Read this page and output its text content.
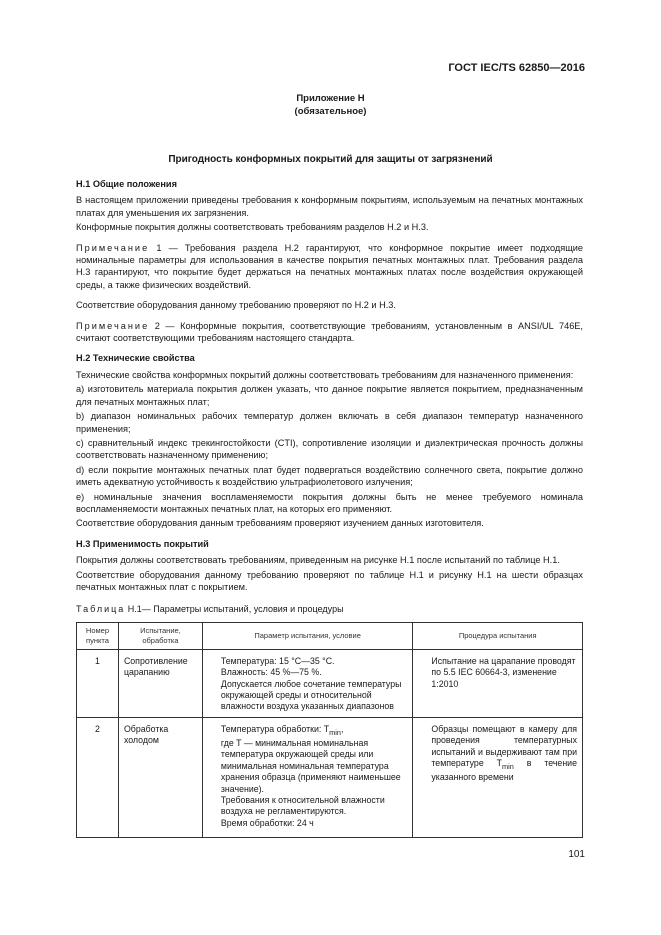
ГОСТ IEC/TS 62850—2016
Приложение Н
(обязательное)
Пригодность конформных покрытий для защиты от загрязнений
Н.1 Общие положения

В настоящем приложении приведены требования к конформным покрытиям, используемым на печатных монтажных платах для уменьшения их загрязнения.

Конформные покрытия должны соответствовать требованиям разделов Н.2 и Н.3.

Примечание 1 — Требования раздела Н.2 гарантируют, что конформное покрытие имеет подходящие номинальные параметры для использования в качестве покрытия печатных монтажных плат. Требования раздела Н.3 гарантируют, что покрытие будет держаться на печатных монтажных платах после воздействия окружающей среды, а также физических воздействий.

Соответствие оборудования данному требованию проверяют по Н.2 и Н.3.

Примечание 2 — Конформные покрытия, соответствующие требованиям, установленным в ANSI/UL 746E, считают соответствующими требованиям настоящего стандарта.

Н.2 Технические свойства

Технические свойства конформных покрытий должны соответствовать требованиям для назначенного применения:

а) изготовитель материала покрытия должен указать, что данное покрытие является покрытием, предназначенным для печатных монтажных плат;

b) диапазон номинальных рабочих температур должен включать в себя диапазон температур назначенного применения;

с) сравнительный индекс трекингостойкости (CTI), сопротивление изоляции и диэлектрическая прочность должны соответствовать назначенному применению;

d) если покрытие монтажных печатных плат будет подвергаться воздействию солнечного света, покрытие должно иметь адекватную устойчивость к воздействию ультрафиолетового излучения;

е) номинальные значения воспламеняемости покрытия должны быть не менее требуемого номинала воспламеняемости монтажных печатных плат, на которых его применяют.

Соответствие оборудования данным требованиям проверяют изучением данных изготовителя.

Н.3 Применимость покрытий

Покрытия должны соответствовать требованиям, приведенным на рисунке Н.1 после испытаний по таблице Н.1.

Соответствие оборудования данному требованию проверяют по таблице Н.1 и рисунку Н.1 на шести образцах печатных монтажных плат с покрытием.

Таблица Н.1— Параметры испытаний, условия и процедуры
Номер пункта	Испытание, обработка	Параметр испытания, условие	Процедура испытания
1	Сопротивление царапанию	Температура: 15 °С—35 °С.
Влажность: 45 %—75 %.
Допускается любое сочетание температуры окружающей среды и относительной влажности воздуха указанных диапазонов	Испытание на царапание проводят по 5.5 IEC 60664-3, изменение 1:2010
2	Обработка холодом	Температура обработки: $T_{min}$,
где T — минимальная номинальная температура окружающей среды или минимальная номинальная температура хранения образца (применяют наименьшее значение).
Требования к относительной влажности воздуха не регламентируются.
Время обработки: 24 ч	Образцы помещают в камеру для проведения температурных испытаний и выдерживают там при температуре $T_{min}$ в течение указанного времени
101
